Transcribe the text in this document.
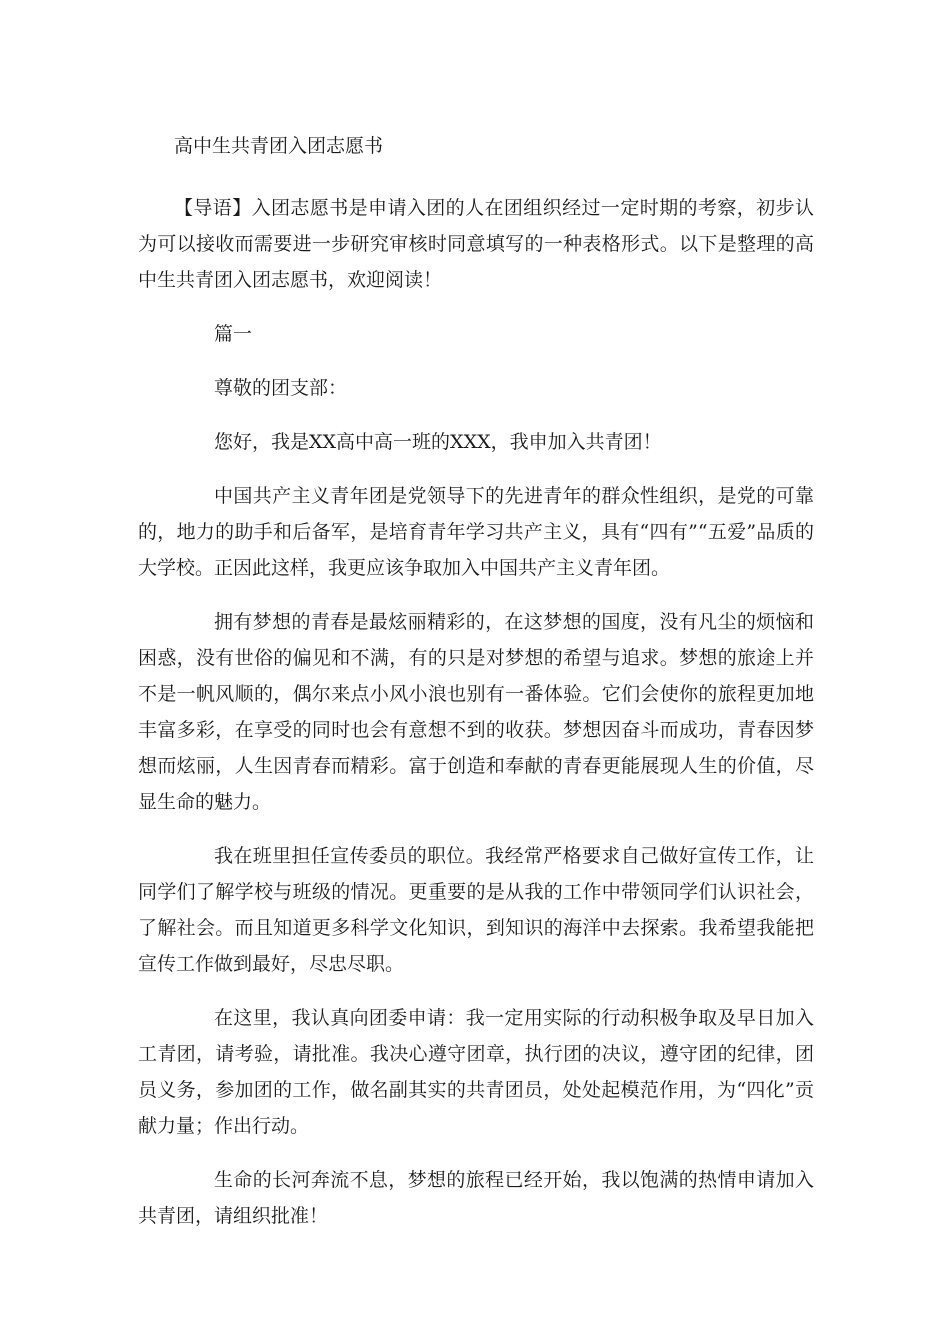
高中生共青团入团志愿书

【导语】入团志愿书是申请入团的人在团组织经过一定时期的考察，初步认为可以接收而需要进一步研究审核时同意填写的一种表格形式。以下是整理的高中生共青团入团志愿书，欢迎阅读！

篇一

尊敬的团支部：

您好，我是XX高中高一班的XXX，我申加入共青团！

中国共产主义青年团是党领导下的先进青年的群众性组织，是党的可靠的，地力的助手和后备军，是培育青年学习共产主义，具有“四有”“五爱”品质的大学校。正因此这样，我更应该争取加入中国共产主义青年团。

拥有梦想的青春是最炫丽精彩的，在这梦想的国度，没有凡尘的烦恼和困惑，没有世俗的偏见和不满，有的只是对梦想的希望与追求。梦想的旅途上并不是一帆风顺的，偶尔来点小风小浪也别有一番体验。它们会使你的旅程更加地丰富多彩，在享受的同时也会有意想不到的收获。梦想因奋斗而成功，青春因梦想而炫丽，人生因青春而精彩。富于创造和奉献的青春更能展现人生的价值，尽显生命的魅力。

我在班里担任宣传委员的职位。我经常严格要求自己做好宣传工作，让同学们了解学校与班级的情况。更重要的是从我的工作中带领同学们认识社会，了解社会。而且知道更多科学文化知识，到知识的海洋中去探索。我希望我能把宣传工作做到最好，尽忠尽职。

在这里，我认真向团委申请：我一定用实际的行动积极争取及早日加入工青团，请考验，请批准。我决心遵守团章，执行团的决议，遵守团的纪律，团员义务，参加团的工作，做名副其实的共青团员，处处起模范作用，为“四化”贡献力量；作出行动。

生命的长河奔流不息，梦想的旅程已经开始，我以饱满的热情申请加入共青团，请组织批准！
